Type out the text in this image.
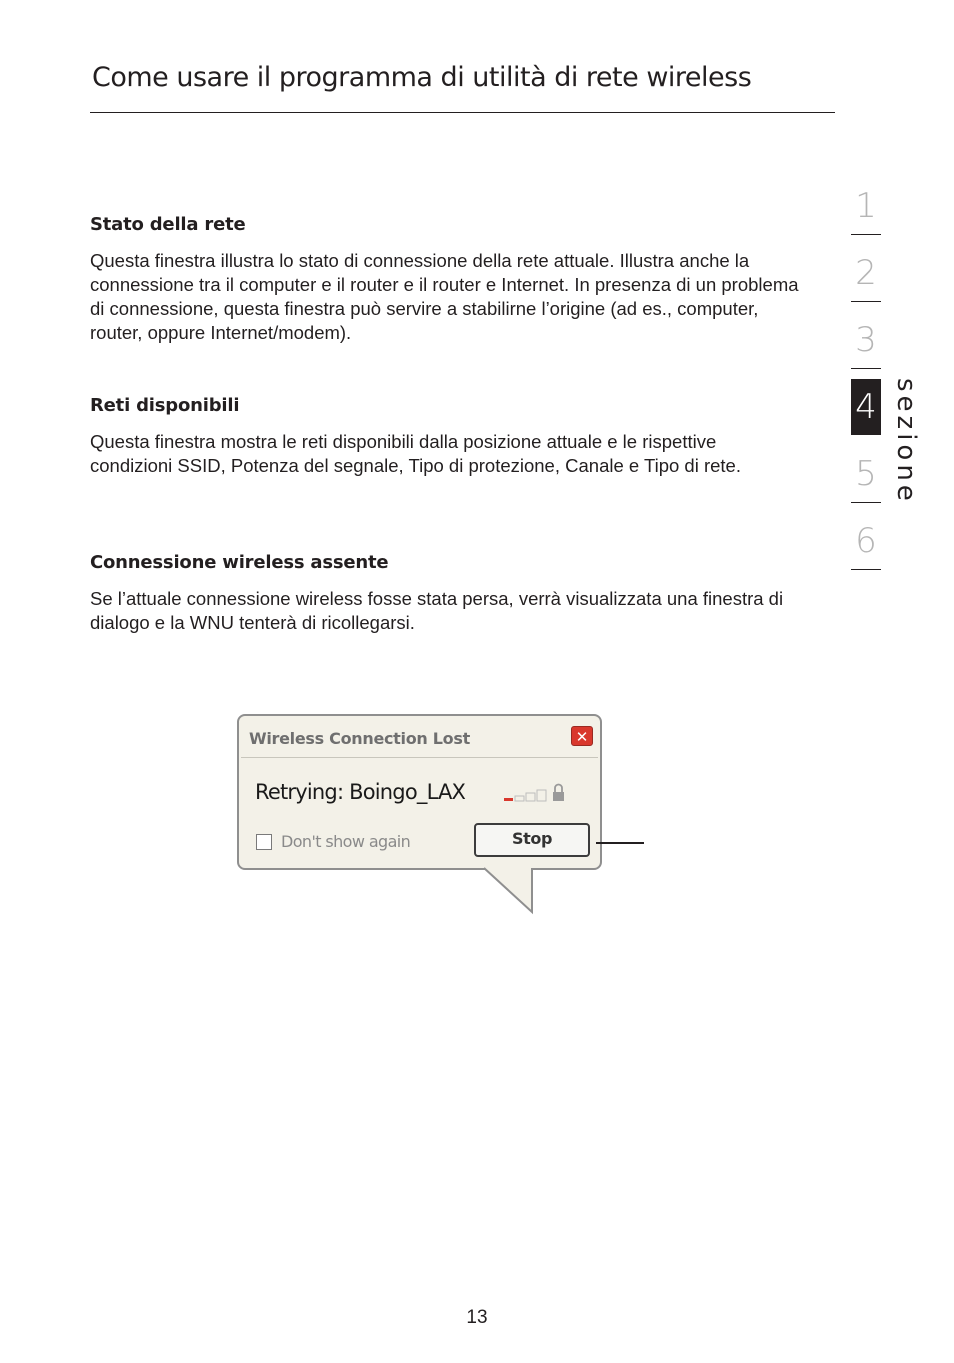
Come usare il programma di utilità di rete wireless
Stato della rete

Questa finestra illustra lo stato di connessione della rete attuale. Illustra anche la connessione tra il computer e il router e il router e Internet. In presenza di un problema di connessione, questa finestra può servire a stabilirne l’origine (ad es., computer, router, oppure Internet/modem).

Reti disponibili

Questa finestra mostra le reti disponibili dalla posizione attuale e le rispettive condizioni SSID, Potenza del segnale, Tipo di protezione, Canale e Tipo di rete.

Connessione wireless assente

Se l’attuale connessione wireless fosse stata persa, verrà visualizzata una finestra di dialogo e la WNU tenterà di ricollegarsi.

1
2
3
4
5
6
sezione
Wireless Connection Lost	✕
Retrying: Boingo_LAX
Don't show again	Stop
13
